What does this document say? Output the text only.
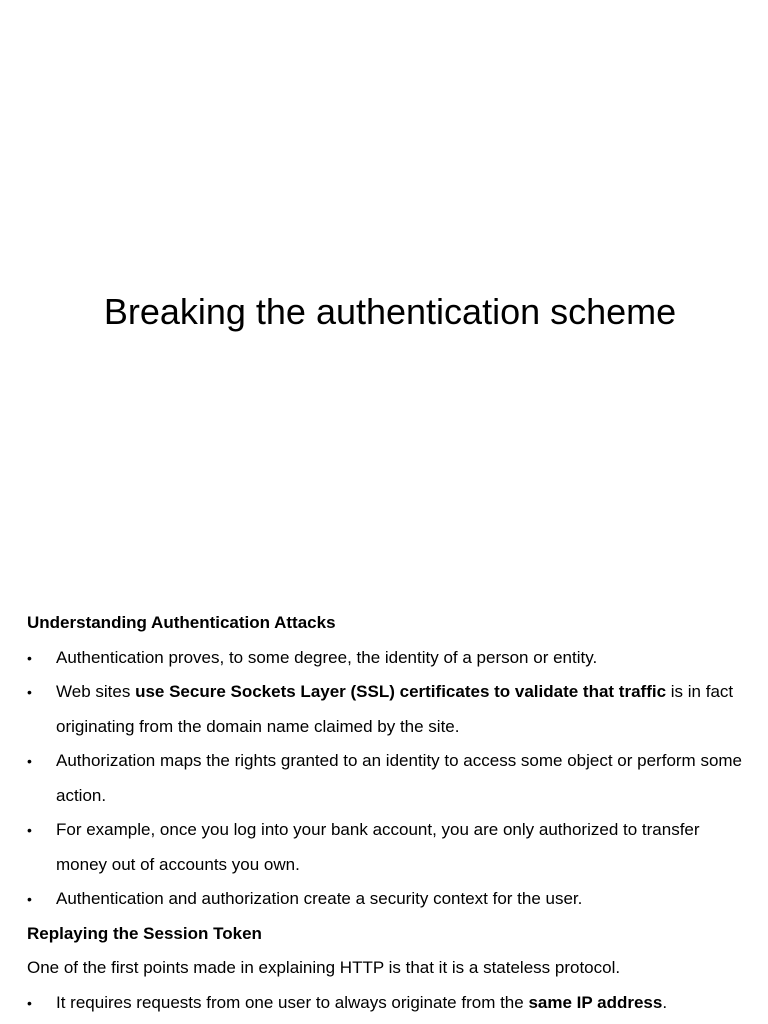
Breaking the authentication scheme

Understanding Authentication Attacks

• Authentication proves, to some degree, the identity of a person or entity.
• Web sites use Secure Sockets Layer (SSL) certificates to validate that traffic is in fact originating from the domain name claimed by the site.
• Authorization maps the rights granted to an identity to access some object or perform some action.
• For example, once you log into your bank account, you are only authorized to transfer money out of accounts you own.
• Authentication and authorization create a security context for the user.

Replaying the Session Token

One of the first points made in explaining HTTP is that it is a stateless protocol.

• It requires requests from one user to always originate from the same IP address.
